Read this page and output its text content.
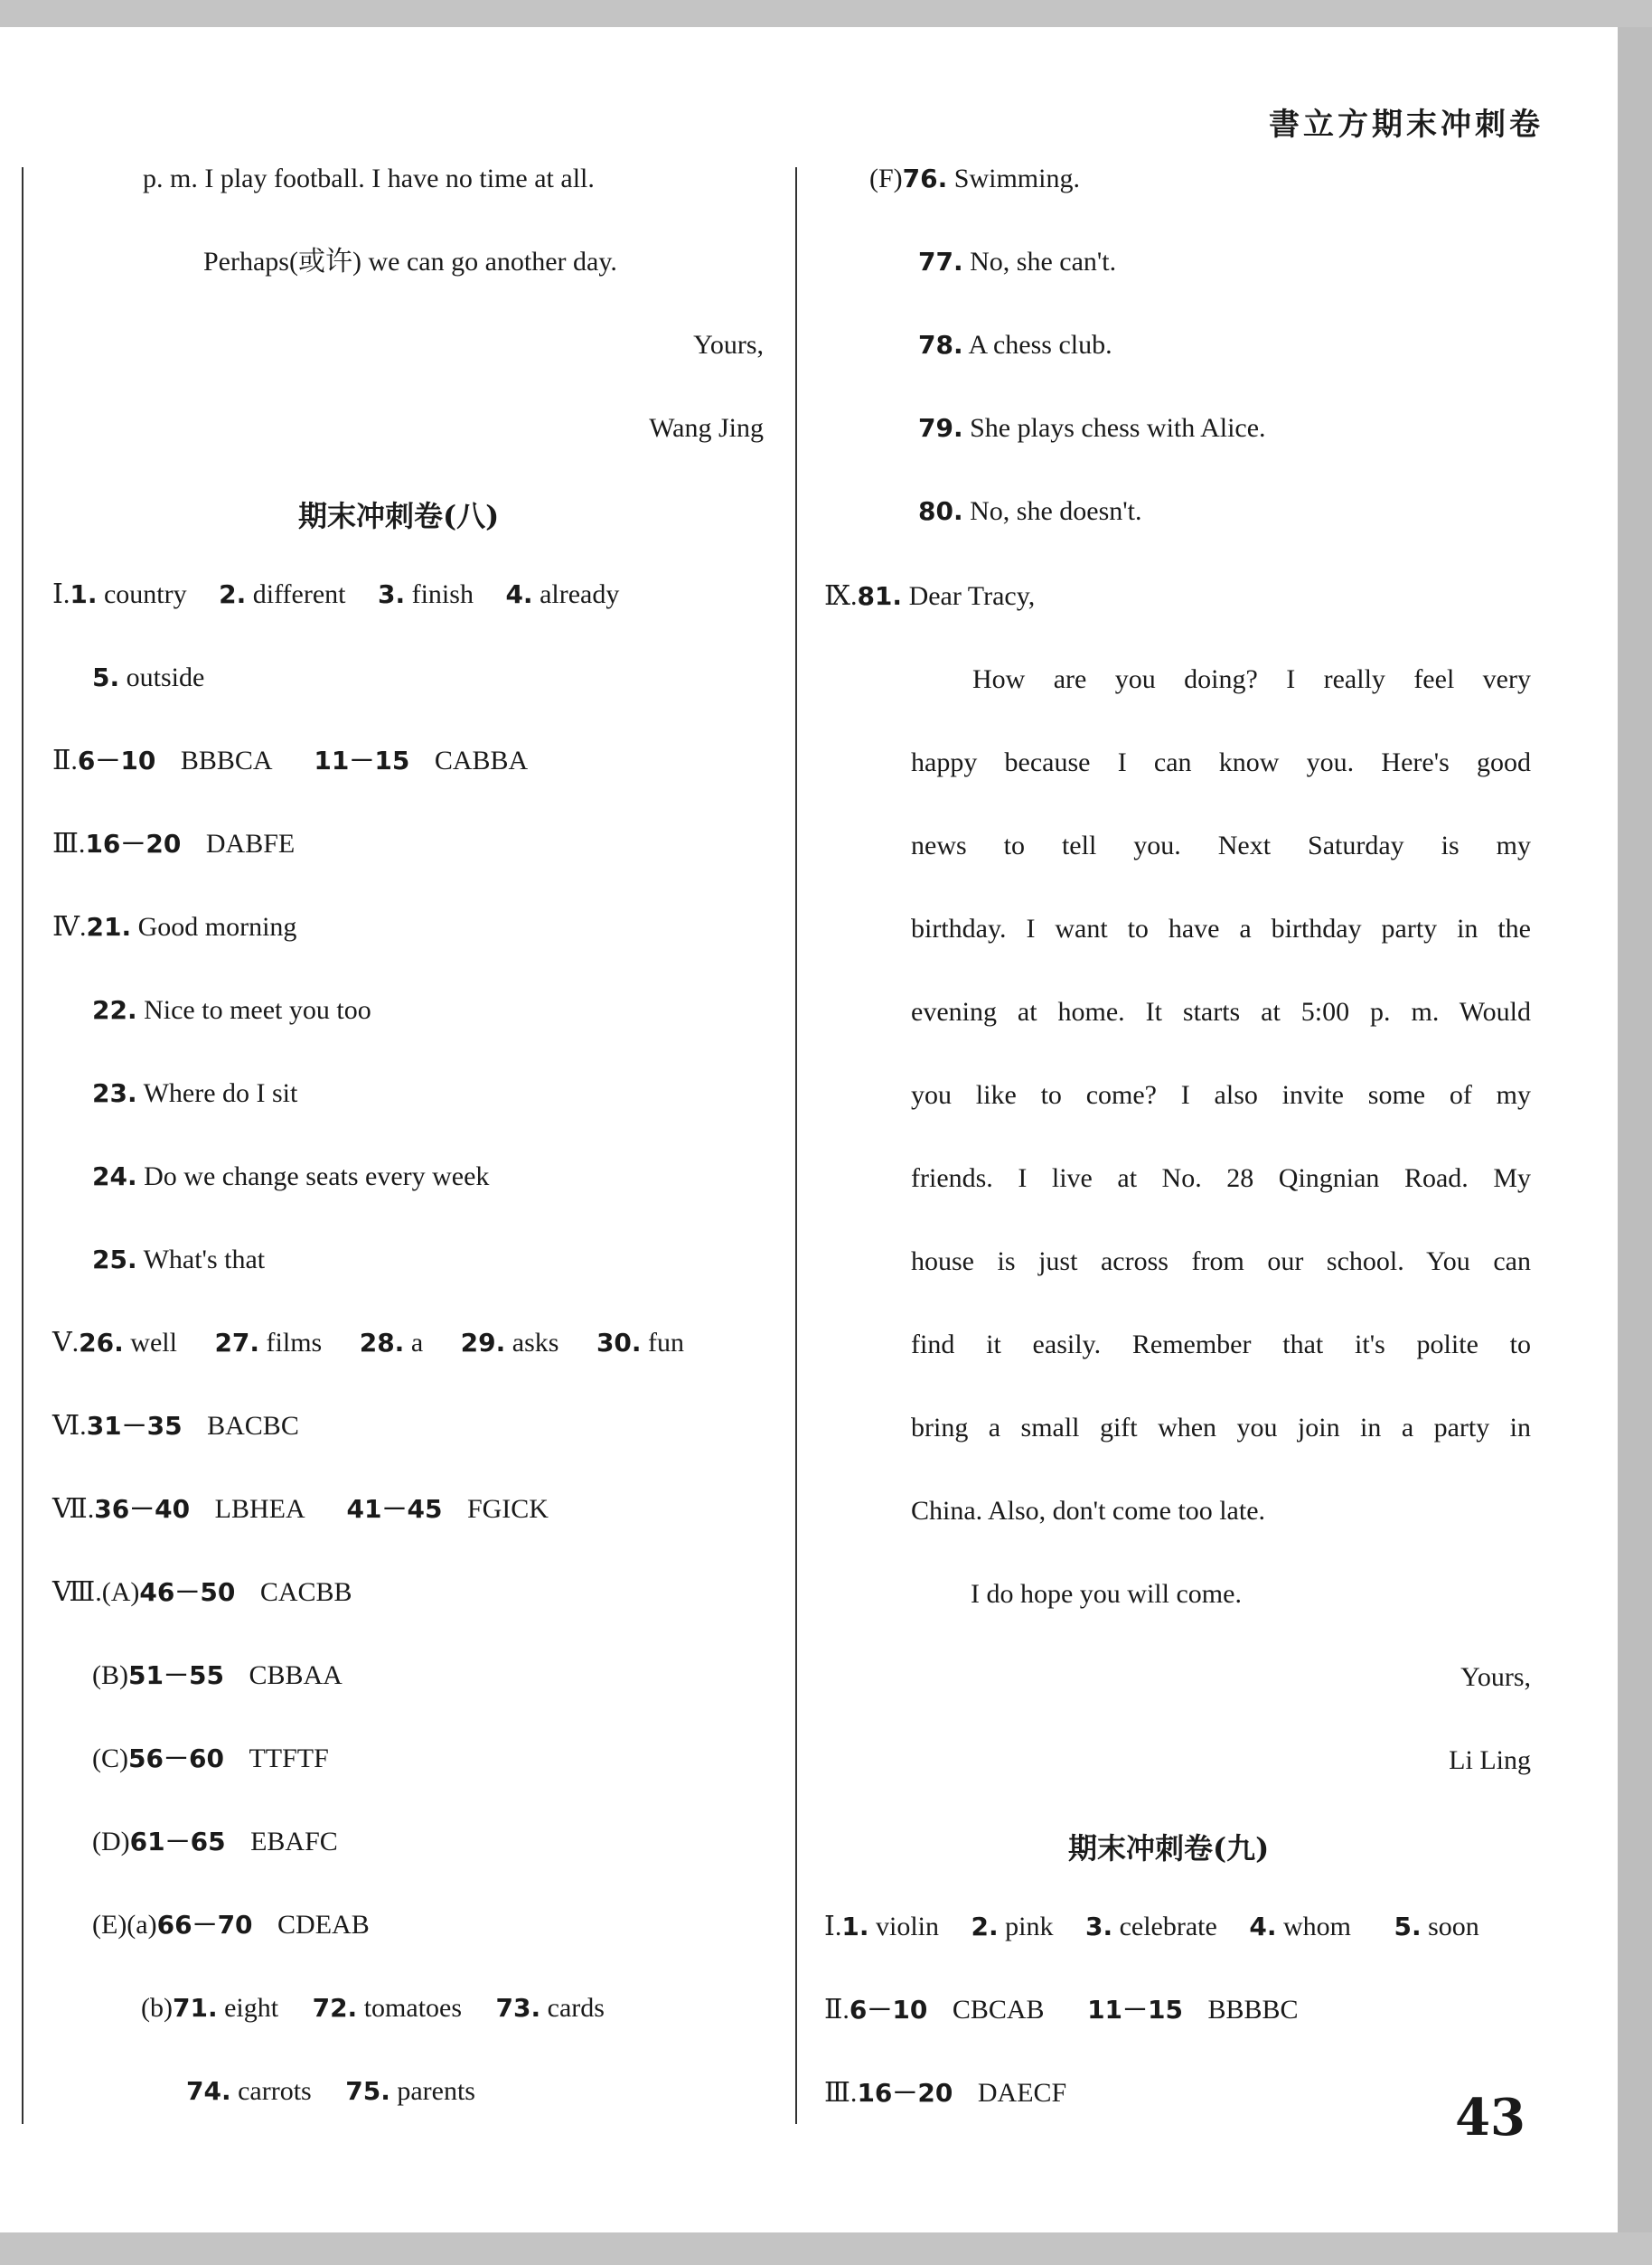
書立方期末冲刺卷
p. m. I play football. I have no time at all.
Perhaps(或许) we can go another day.
Yours,
Wang Jing
期末冲刺卷(八)
Ⅰ.1. country 2. different 3. finish 4. already
5. outside
Ⅱ.6－10 BBBCA 11－15 CABBA
Ⅲ.16－20 DABFE
Ⅳ.21. Good morning
22. Nice to meet you too
23. Where do I sit
24. Do we change seats every week
25. What's that
Ⅴ.26. well 27. films 28. a 29. asks 30. fun
Ⅵ.31－35 BACBC
Ⅶ.36－40 LBHEA 41－45 FGICK
Ⅷ.(A)46－50 CACBB
(B)51－55 CBBAA
(C)56－60 TTFTF
(D)61－65 EBAFC
(E)(a)66－70 CDEAB
(b)71. eight 72. tomatoes 73. cards
74. carrots 75. parents
(F)76. Swimming.
77. No, she can't.
78. A chess club.
79. She plays chess with Alice.
80. No, she doesn't.
Ⅸ.81. Dear Tracy,
How are you doing? I really feel very
happy because I can know you. Here's good
news to tell you. Next Saturday is my
birthday. I want to have a birthday party in the
evening at home. It starts at 5:00 p. m. Would
you like to come? I also invite some of my
friends. I live at No. 28 Qingnian Road. My
house is just across from our school. You can
find it easily. Remember that it's polite to
bring a small gift when you join in a party in
China. Also, don't come too late.
I do hope you will come.
Yours,
Li Ling
期末冲刺卷(九)
Ⅰ.1. violin 2. pink 3. celebrate 4. whom 5. soon
Ⅱ.6－10 CBCAB 11－15 BBBBC
Ⅲ.16－20 DAECF	43
